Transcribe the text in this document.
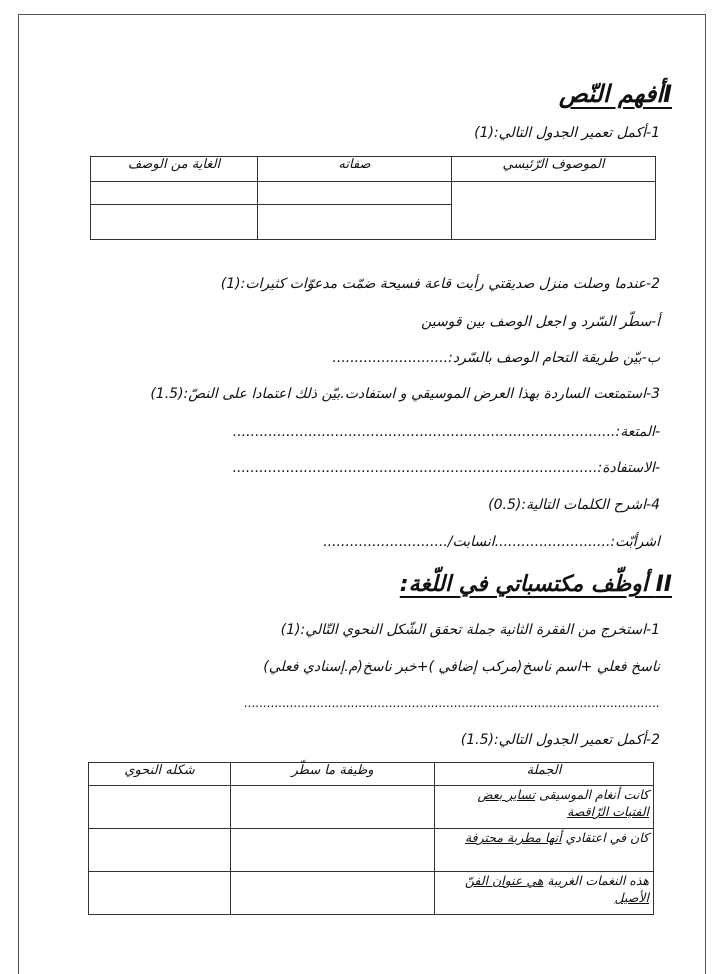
Iأفهم النّص
1-أكمل تعمير الجدول التالي:(1)
الموصوف الرّئيسي	صفاته	الغاية من الوصف

2-عندما وصلت منزل صديقتي رأيت قاعة فسيحة ضمّت مدعوّات كثيرات:(1)
أ-سطّر السّرد و اجعل الوصف بين قوسين
ب-بيّن طريقة التحام الوصف بالسّرد:..........................
3-استمتعت الساردة بهذا العرض الموسيقي و استفادت.بيّن ذلك اعتمادا على النصّ:(1.5)
-المتعة:......................................................................................
-الاستفادة:..................................................................................
4-اشرح الكلمات التالية:(0.5)
اشرأبّت:..........................انسابت/............................
II أوظّف مكتسباتي في اللّغة:
1-استخرج من الفقرة الثانية جملة تحقق الشّكل النحوي التّالي:(1)
ناسخ فعلي +اسم ناسخ(مركب إضافي )+خبر ناسخ(م.إسنادي فعلي)
.............................................................................................................
2-أكمل تعمير الجدول التالي:(1.5)
الجملة	وظيفة ما سطّر	شكله النحوي
كانت أنغام الموسيقى تساير بعض الفتيات الرّاقصة		
كان في اعتقادي أنها مطربة محترفة		
هذه النغمات الغريبة هي عنوان الفنّ الأصيل		
